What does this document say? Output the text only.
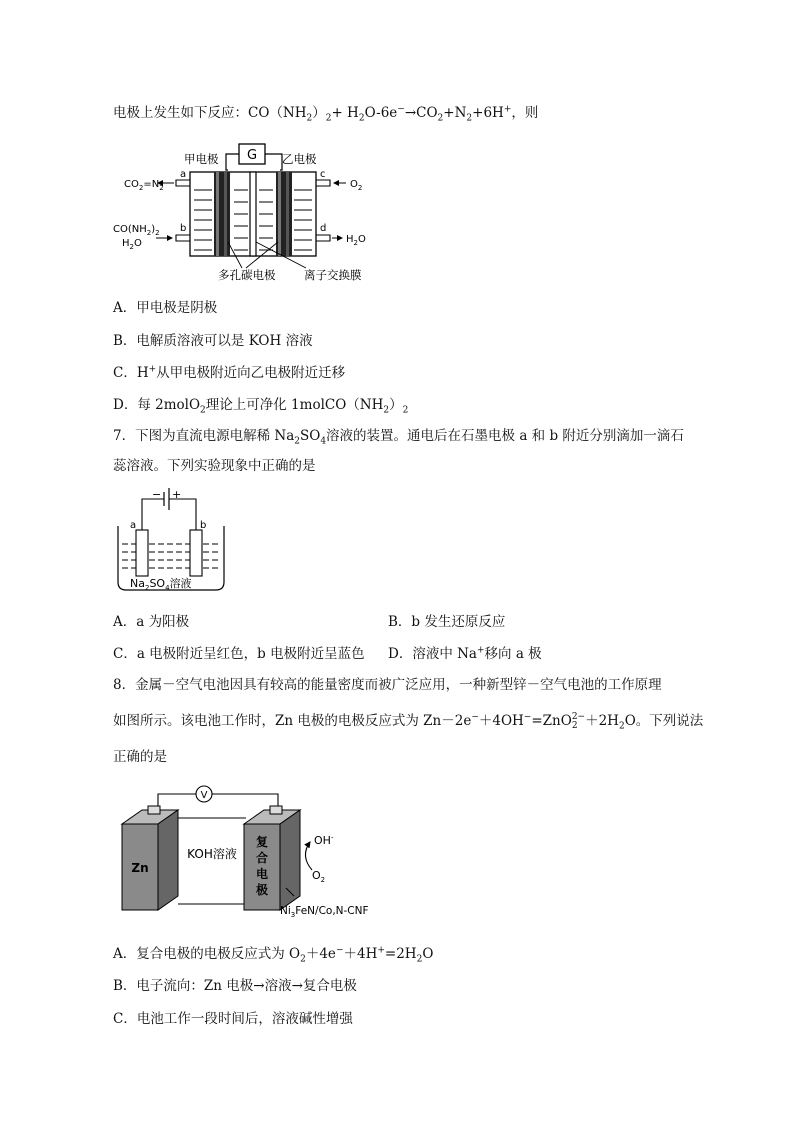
电极上发生如下反应：$CO(NH_2)_2+ H_2O-6e^-\to CO_2+N_2+6H^+$，则
G
甲电极	乙电极
a
$CO_2=N_2$
b
$CO(NH_2)_2$
$H_2O$
c
$O_2$
d
$H_2O$
多孔碳电极 离子交换膜
A．甲电极是阴极
B．电解质溶液可以是 KOH 溶液
C．H+从甲电极附近向乙电极附近迁移
D．每 2molO$_2$理论上可净化 $1molCO(NH_2)_2$
7．下图为直流电源电解稀 $Na_2SO_4$溶液的装置。通电后在石墨电极 a 和 b 附近分别滴加一滴石
蕊溶液。下列实验现象中正确的是
− +
a	b
$Na_2SO_4$溶液
A．a 为阳极	B．b 发生还原反应
C．a 电极附近呈红色，b 电极附近呈蓝色 D．溶液中 Na+移向 a 极
8．金属－空气电池因具有较高的能量密度而被广泛应用，一种新型锌－空气电池的工作原理
如图所示。该电池工作时，Zn 电极的电极反应式为 Zn－2e−＋4OH−=ZnO 2−
$2 +2H_2O$。下列说法
正确的是
V
Zn
KOH溶液
复
合
电
极
OH-
$O_2$
$Ni_3FeN/Co,N$-CNF
A．复合电极的电极反应式为 $O_2+4e^-+4H^+=2H_2O$
B．电子流向：Zn 电极→溶液→复合电极
C．电池工作一段时间后，溶液碱性增强
